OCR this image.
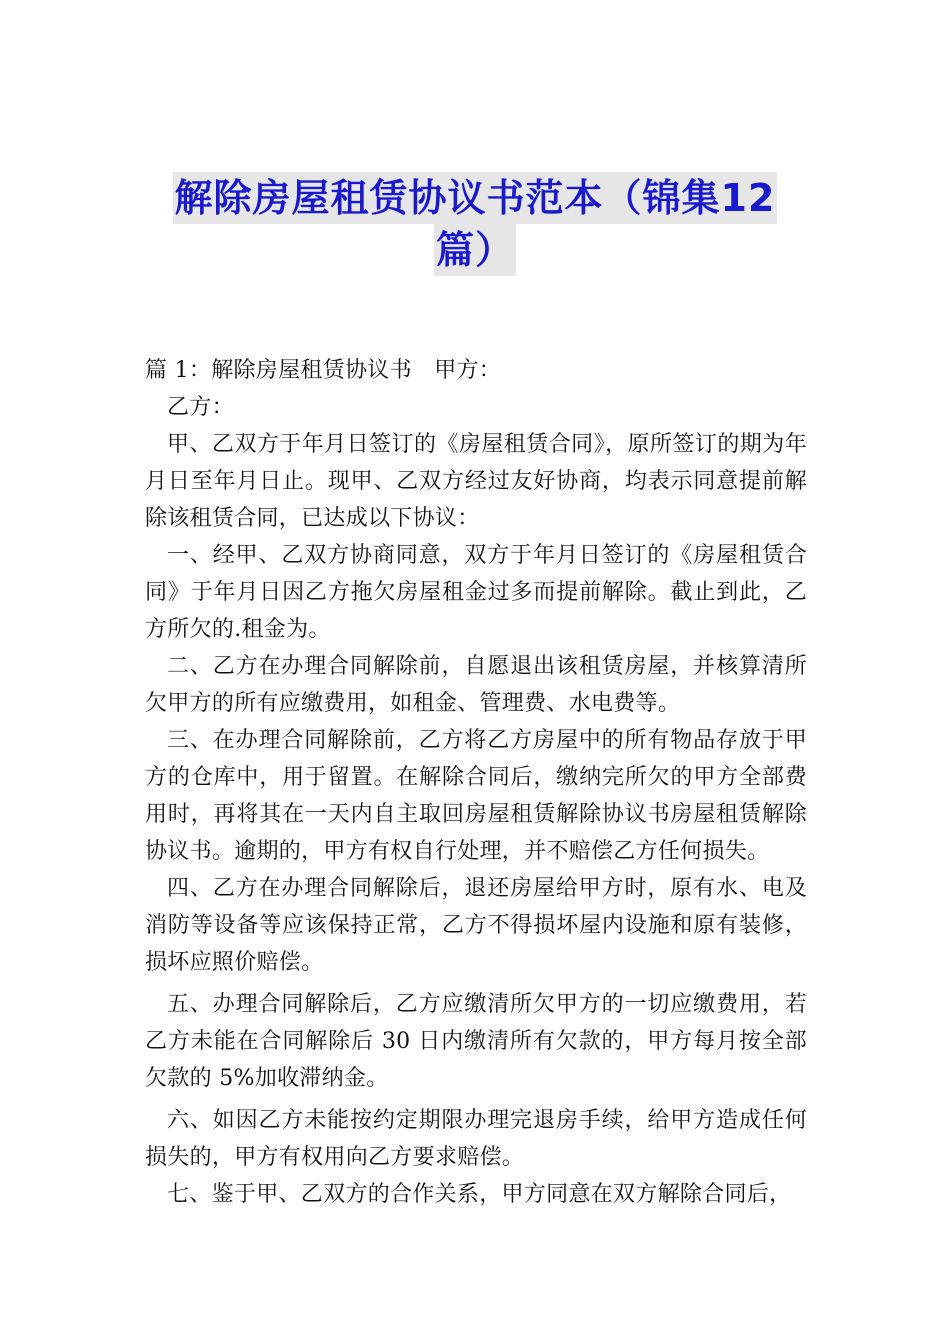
解除房屋租赁协议书范本（锦集12
篇）

篇 1：解除房屋租赁协议书　甲方：

乙方：

甲、乙双方于年月日签订的《房屋租赁合同》，原所签订的期为年月日至年月日止。现甲、乙双方经过友好协商，均表示同意提前解除该租赁合同，已达成以下协议：

一、经甲、乙双方协商同意，双方于年月日签订的《房屋租赁合同》于年月日因乙方拖欠房屋租金过多而提前解除。截止到此，乙方所欠的.租金为。

二、乙方在办理合同解除前，自愿退出该租赁房屋，并核算清所欠甲方的所有应缴费用，如租金、管理费、水电费等。

三、在办理合同解除前，乙方将乙方房屋中的所有物品存放于甲方的仓库中，用于留置。在解除合同后，缴纳完所欠的甲方全部费用时，再将其在一天内自主取回房屋租赁解除协议书房屋租赁解除协议书。逾期的，甲方有权自行处理，并不赔偿乙方任何损失。

四、乙方在办理合同解除后，退还房屋给甲方时，原有水、电及消防等设备等应该保持正常，乙方不得损坏屋内设施和原有装修，损坏应照价赔偿。

五、办理合同解除后，乙方应缴清所欠甲方的一切应缴费用，若乙方未能在合同解除后 30 日内缴清所有欠款的，甲方每月按全部欠款的 5%加收滞纳金。

六、如因乙方未能按约定期限办理完退房手续，给甲方造成任何损失的，甲方有权用向乙方要求赔偿。

七、鉴于甲、乙双方的合作关系，甲方同意在双方解除合同后，
